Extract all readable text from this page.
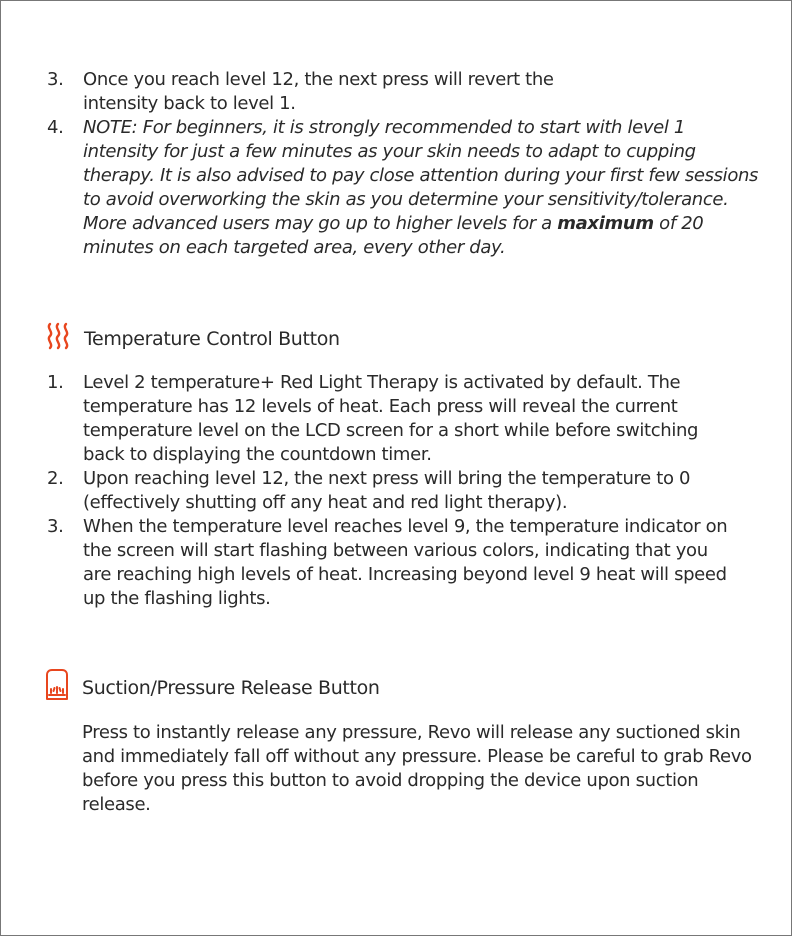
3. Once you reach level 12, the next press will revert the intensity back to level 1.
4. NOTE: For beginners, it is strongly recommended to start with level 1 intensity for just a few minutes as your skin needs to adapt to cupping therapy. It is also advised to pay close attention during your first few sessions to avoid overworking the skin as you determine your sensitivity/tolerance. More advanced users may go up to higher levels for a maximum of 20 minutes on each targeted area, every other day.
Temperature Control Button
1. Level 2 temperature+ Red Light Therapy is activated by default. The temperature has 12 levels of heat. Each press will reveal the current temperature level on the LCD screen for a short while before switching back to displaying the countdown timer.
2. Upon reaching level 12, the next press will bring the temperature to 0 (effectively shutting off any heat and red light therapy).
3. When the temperature level reaches level 9, the temperature indicator on the screen will start flashing between various colors, indicating that you are reaching high levels of heat. Increasing beyond level 9 heat will speed up the flashing lights.
Suction/Pressure Release Button

Press to instantly release any pressure, Revo will release any suctioned skin and immediately fall off without any pressure. Please be careful to grab Revo before you press this button to avoid dropping the device upon suction release.
